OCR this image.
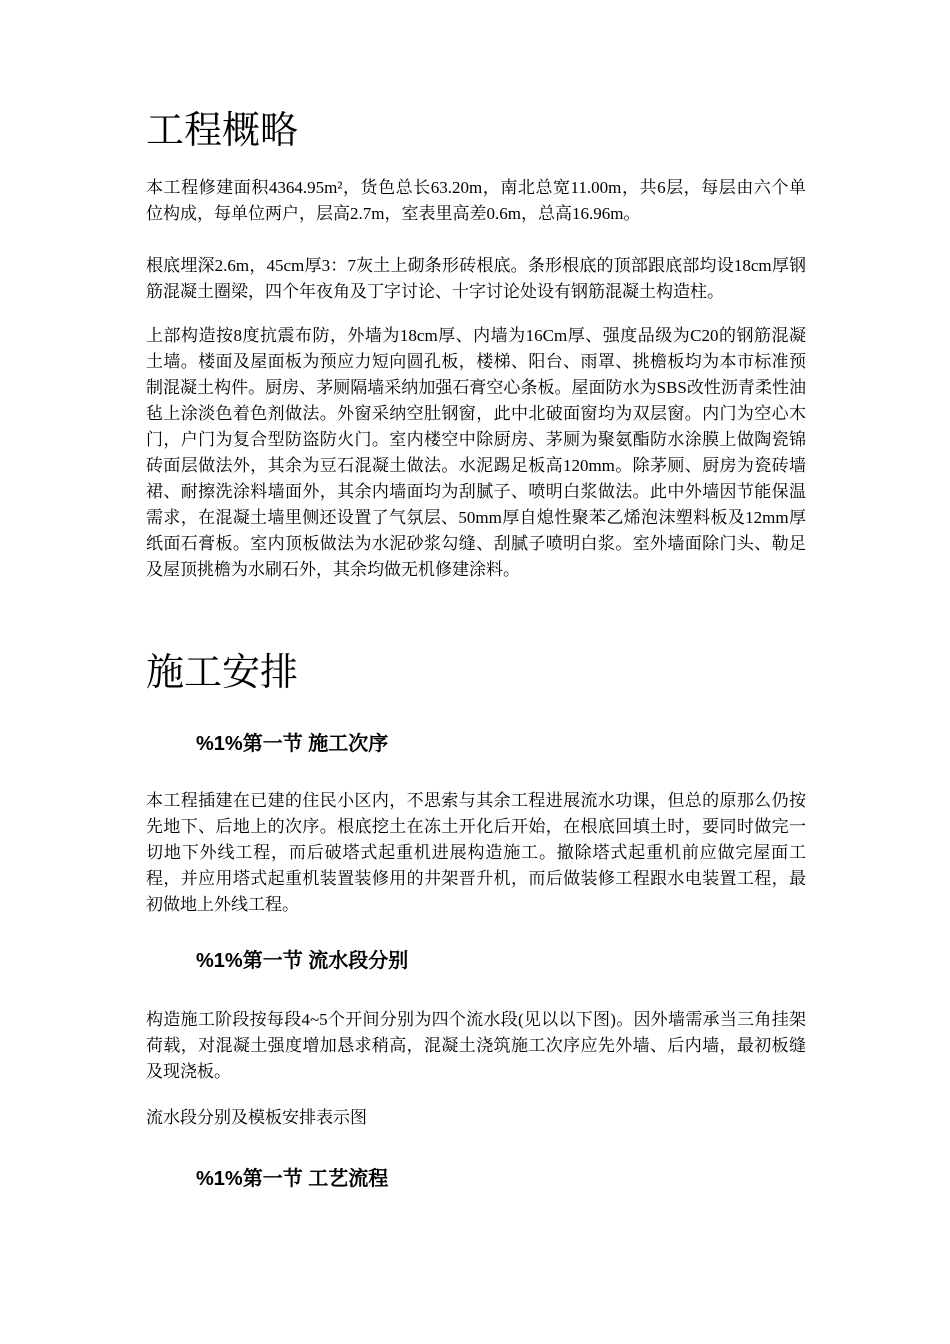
工程概略

本工程修建面积4364.95m²，货色总长63.20m，南北总宽11.00m，共6层，每层由六个单位构成，每单位两户，层高2.7m，室表里高差0.6m，总高16.96m。

根底埋深2.6m，45cm厚3：7灰土上砌条形砖根底。条形根底的顶部跟底部均设18cm厚钢筋混凝土圈梁，四个年夜角及丁字讨论、十字讨论处设有钢筋混凝土构造柱。

上部构造按8度抗震布防，外墙为18cm厚、内墙为16Cm厚、强度品级为C20的钢筋混凝土墙。楼面及屋面板为预应力短向圆孔板，楼梯、阳台、雨罩、挑檐板均为本市标准预制混凝土构件。厨房、茅厕隔墙采纳加强石膏空心条板。屋面防水为SBS改性沥青柔性油毡上涂淡色着色剂做法。外窗采纳空肚钢窗，此中北破面窗均为双层窗。内门为空心木门，户门为复合型防盗防火门。室内楼空中除厨房、茅厕为聚氨酯防水涂膜上做陶瓷锦砖面层做法外，其余为豆石混凝土做法。水泥踢足板高120mm。除茅厕、厨房为瓷砖墙裙、耐擦洗涂料墙面外，其余内墙面均为刮腻子、喷明白浆做法。此中外墙因节能保温需求，在混凝土墙里侧还设置了气氛层、50mm厚自熄性聚苯乙烯泡沫塑料板及12mm厚纸面石膏板。室内顶板做法为水泥砂浆勾缝、刮腻子喷明白浆。室外墙面除门头、勒足及屋顶挑檐为水刷石外，其余均做无机修建涂料。

施工安排
%1%第一节 施工次序

本工程插建在已建的住民小区内，不思索与其余工程进展流水功课，但总的原那么仍按先地下、后地上的次序。根底挖土在冻土开化后开始，在根底回填土时，要同时做完一切地下外线工程，而后破塔式起重机进展构造施工。撤除塔式起重机前应做完屋面工程，并应用塔式起重机装置装修用的井架晋升机，而后做装修工程跟水电装置工程，最初做地上外线工程。

%1%第一节 流水段分别

构造施工阶段按每段4~5个开间分别为四个流水段(见以以下图)。因外墙需承当三角挂架荷载，对混凝土强度增加恳求稍高，混凝土浇筑施工次序应先外墙、后内墙，最初板缝及现浇板。

流水段分别及模板安排表示图

%1%第一节 工艺流程
